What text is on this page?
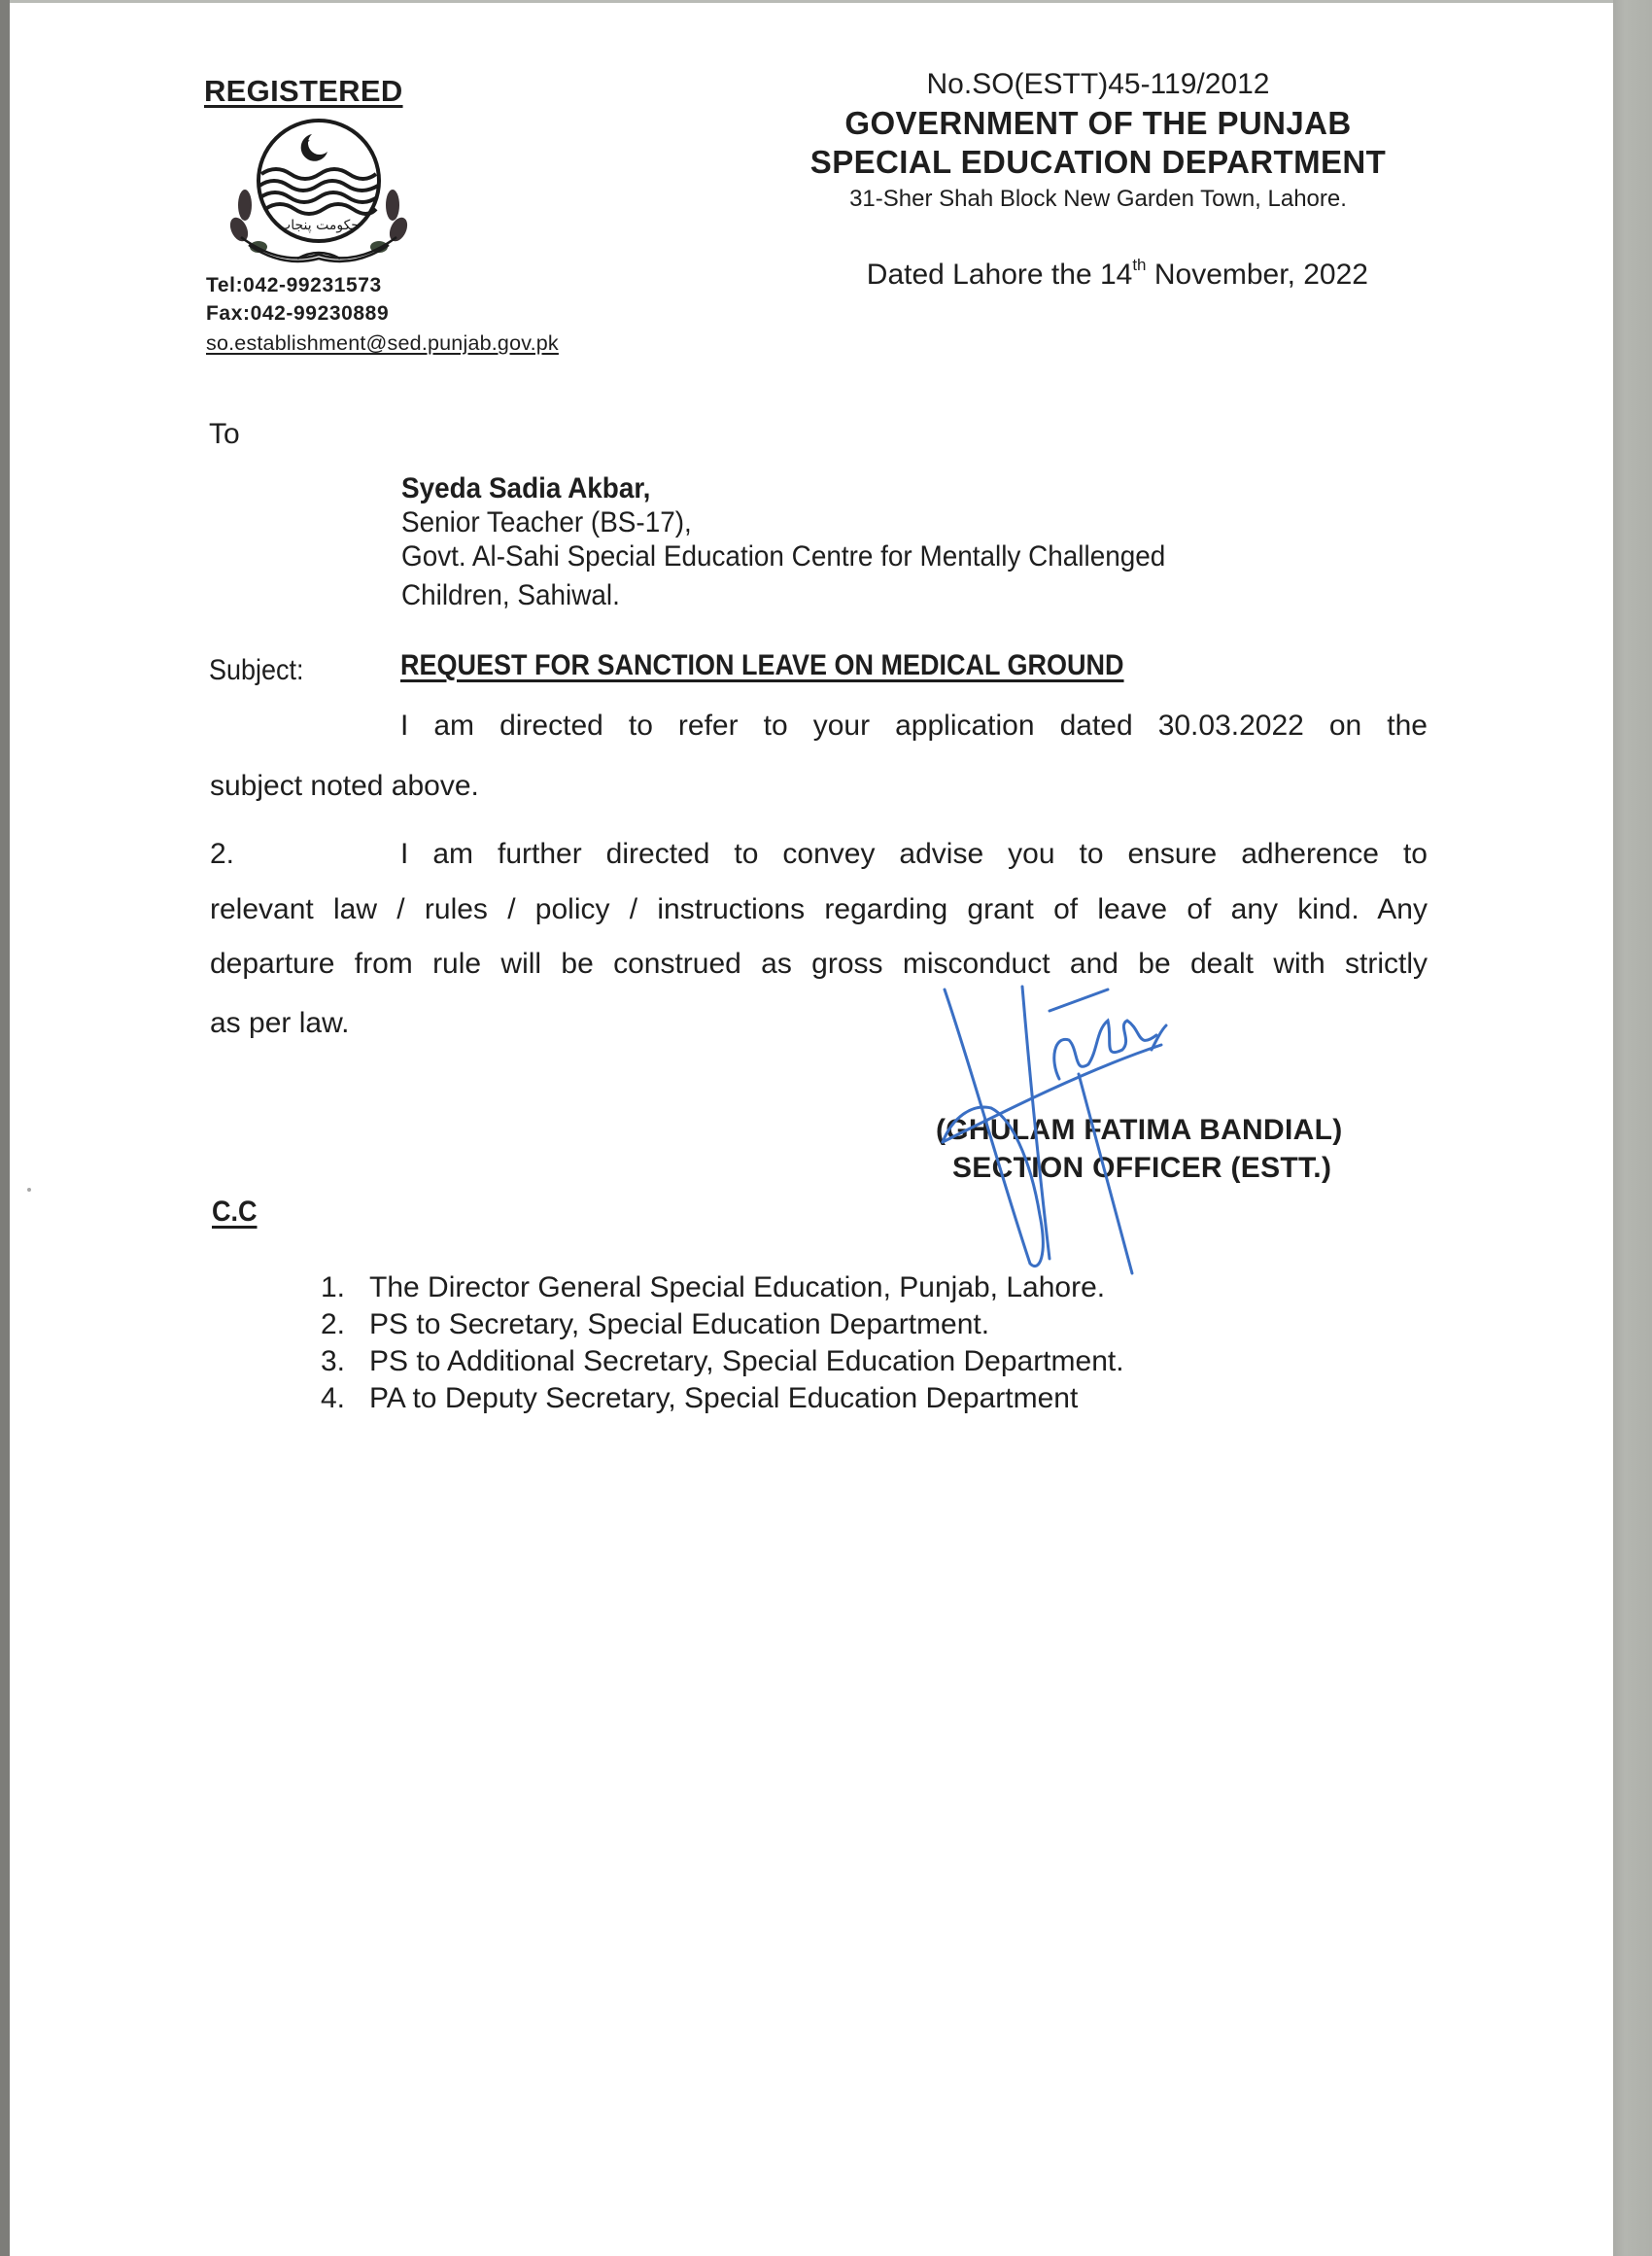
REGISTERED
حکومت پنجاب
Tel:042-99231573
Fax:042-99230889
so.establishment@sed.punjab.gov.pk
No.SO(ESTT)45-119/2012
GOVERNMENT OF THE PUNJAB
SPECIAL EDUCATION DEPARTMENT
31-Sher Shah Block New Garden Town, Lahore.
Dated Lahore the 14th November, 2022
To
Syeda Sadia Akbar,
Senior Teacher (BS-17),
Govt. Al-Sahi Special Education Centre for Mentally Challenged
Children, Sahiwal.
Subject:	REQUEST FOR SANCTION LEAVE ON MEDICAL GROUND
I am directed to refer to your application dated 30.03.2022 on the
subject noted above.
2.	I am further directed to convey advise you to ensure adherence to
relevant law / rules / policy / instructions regarding grant of leave of any kind. Any
departure from rule will be construed as gross misconduct and be dealt with strictly
as per law.
(GHULAM FATIMA BANDIAL)
SECTION OFFICER (ESTT.)
C.C
1. The Director General Special Education, Punjab, Lahore.
2. PS to Secretary, Special Education Department.
3. PS to Additional Secretary, Special Education Department.
4. PA to Deputy Secretary, Special Education Department
